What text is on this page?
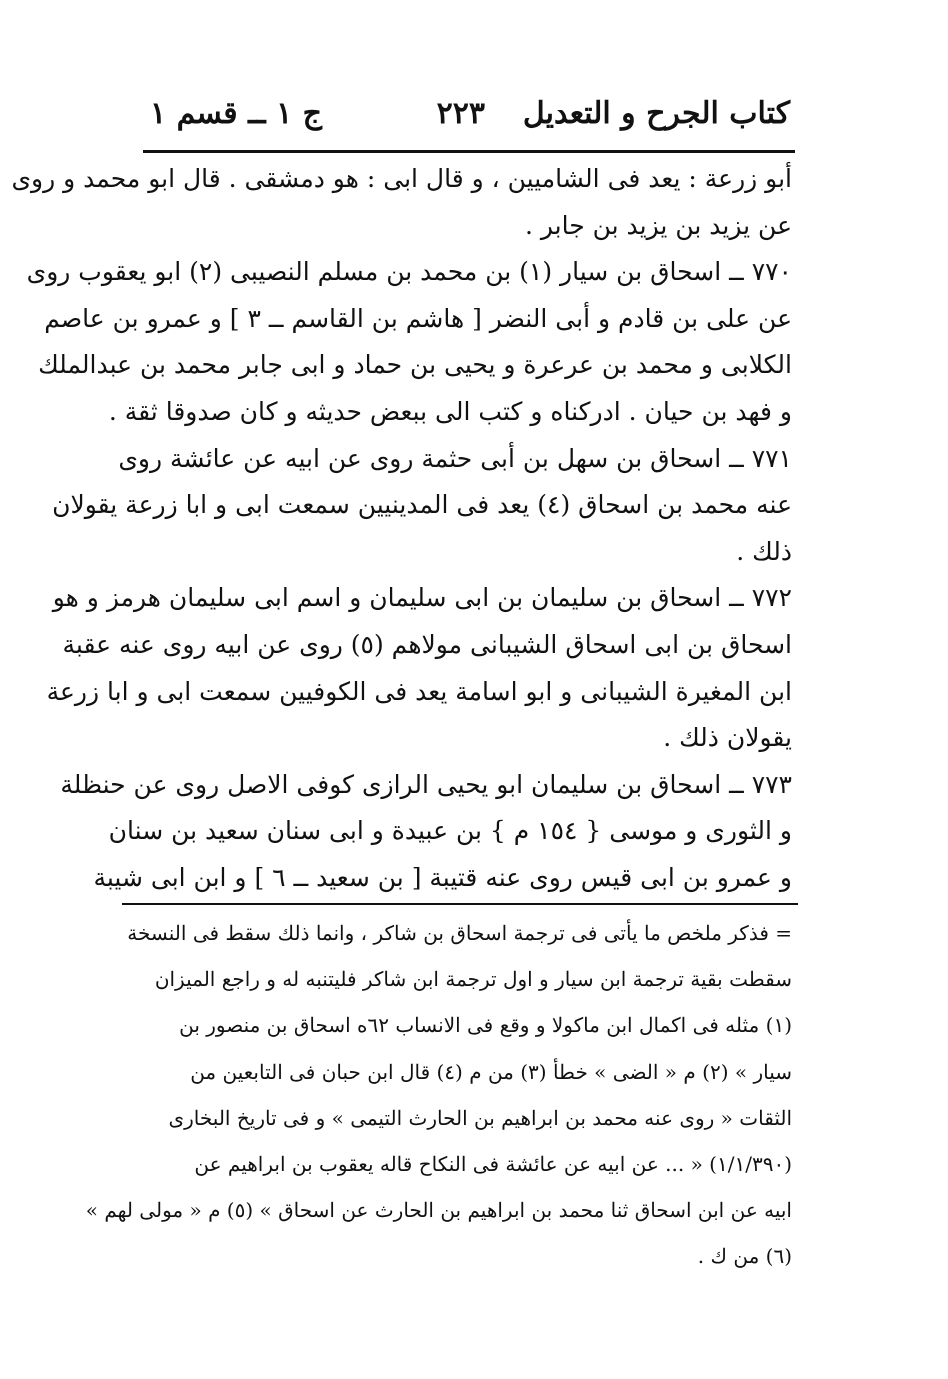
كتاب الجرح و التعديل
٢٢٣
ج ١ ــ قسم ١
أبو زرعة : يعد فى الشاميين ، و قال ابى : هو دمشقى . قال ابو محمد و روى
عن يزيد بن يزيد بن جابر .
٧٧٠ ــ اسحاق بن سيار (١) بن محمد بن مسلم النصيبى (٢) ابو يعقوب روى
عن على بن قادم و أبى النضر [ هاشم بن القاسم ــ ٣ ] و عمرو بن عاصم
الكلابى و محمد بن عرعرة و يحيى بن حماد و ابى جابر محمد بن عبدالملك
و فهد بن حيان . ادركناه و كتب الى ببعض حديثه و كان صدوقا ثقة .
٧٧١ ــ اسحاق بن سهل بن أبى حثمة روى عن ابيه عن عائشة روى
عنه محمد بن اسحاق (٤) يعد فى المدينيين سمعت ابى و ابا زرعة يقولان
ذلك .
٧٧٢ ــ اسحاق بن سليمان بن ابى سليمان و اسم ابى سليمان هرمز و هو
اسحاق بن ابى اسحاق الشيبانى مولاهم (٥) روى عن ابيه روى عنه عقبة
ابن المغيرة الشيبانى و ابو اسامة يعد فى الكوفيين سمعت ابى و ابا زرعة
يقولان ذلك .
٧٧٣ ــ اسحاق بن سليمان ابو يحيى الرازى كوفى الاصل روى عن حنظلة
و الثورى و موسى { ١٥٤ م } بن عبيدة و ابى سنان سعيد بن سنان
و عمرو بن ابى قيس روى عنه قتيبة [ بن سعيد ــ ٦ ] و ابن ابى شيبة
= فذكر ملخص ما يأتى فى ترجمة اسحاق بن شاكر ، وانما ذلك سقط فى النسخة
سقطت بقية ترجمة ابن سيار و اول ترجمة ابن شاكر فليتنبه له و راجع الميزان
(١) مثله فى اكمال ابن ماكولا و وقع فى الانساب ٦٢ه اسحاق بن منصور بن
سيار » (٢) م « الضى » خطأ (٣) من م (٤) قال ابن حبان فى التابعين من
الثقات « روى عنه محمد بن ابراهيم بن الحارث التيمى » و فى تاريخ البخارى
(١/١/٣٩٠) « ... عن ابيه عن عائشة فى النكاح قاله يعقوب بن ابراهيم عن
ابيه عن ابن اسحاق ثنا محمد بن ابراهيم بن الحارث عن اسحاق » (٥) م « مولى لهم »
(٦) من ك .
